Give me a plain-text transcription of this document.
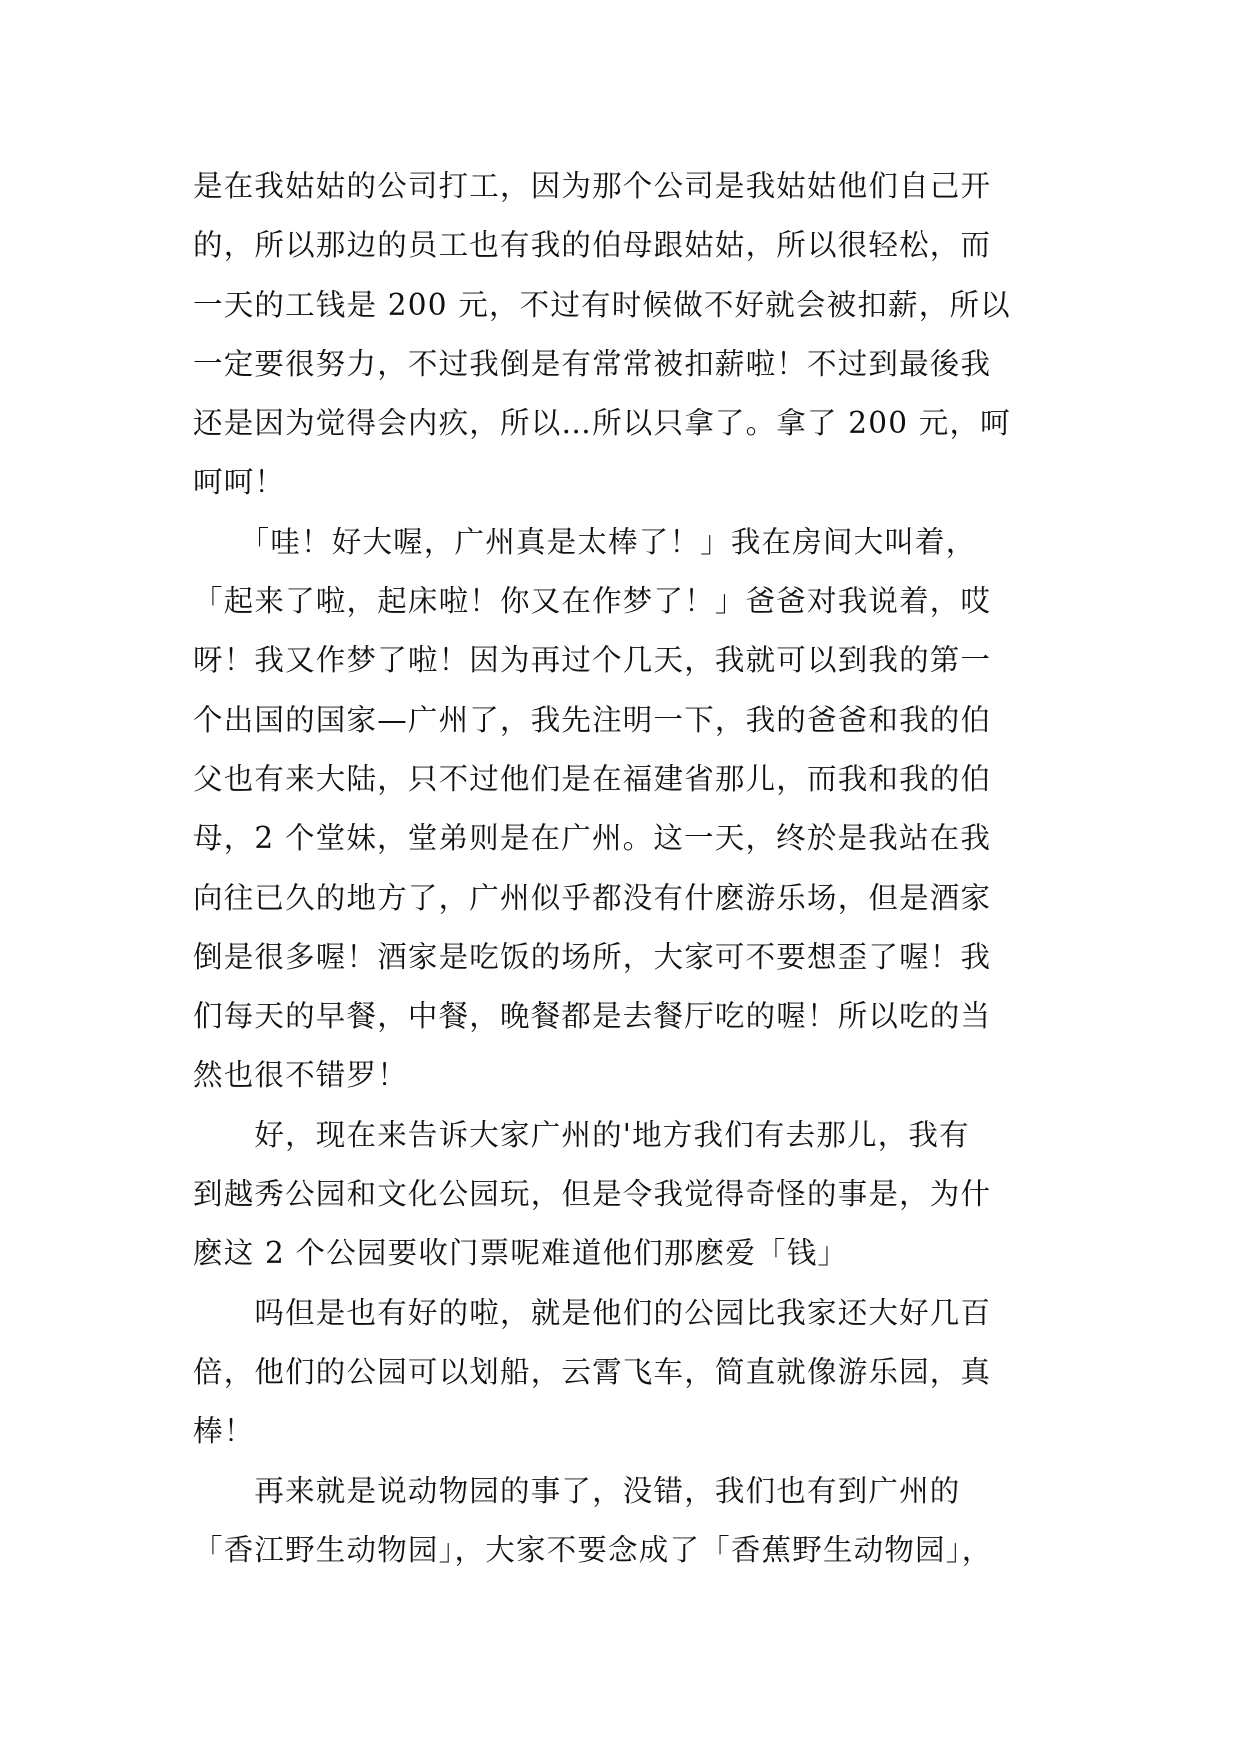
是在我姑姑的公司打工，因为那个公司是我姑姑他们自己开
的，所以那边的员工也有我的伯母跟姑姑，所以很轻松，而
一天的工钱是 200 元，不过有时候做不好就会被扣薪，所以
一定要很努力，不过我倒是有常常被扣薪啦！不过到最後我
还是因为觉得会内疚，所以…所以只拿了。拿了 200 元，呵
呵呵！
　　「哇！好大喔，广州真是太棒了！」我在房间大叫着，
「起来了啦，起床啦！你又在作梦了！」爸爸对我说着，哎
呀！我又作梦了啦！因为再过个几天，我就可以到我的第一
个出国的国家—广州了，我先注明一下，我的爸爸和我的伯
父也有来大陆，只不过他们是在福建省那儿，而我和我的伯
母，2 个堂妹，堂弟则是在广州。这一天，终於是我站在我
向往已久的地方了，广州似乎都没有什麽游乐场，但是酒家
倒是很多喔！酒家是吃饭的场所，大家可不要想歪了喔！我
们每天的早餐，中餐，晚餐都是去餐厅吃的喔！所以吃的当
然也很不错罗！
　　好，现在来告诉大家广州的'地方我们有去那儿，我有
到越秀公园和文化公园玩，但是令我觉得奇怪的事是，为什
麽这 2 个公园要收门票呢难道他们那麽爱「钱」
　　吗但是也有好的啦，就是他们的公园比我家还大好几百
倍，他们的公园可以划船，云霄飞车，简直就像游乐园，真
棒！
　　再来就是说动物园的事了，没错，我们也有到广州的
「香江野生动物园」，大家不要念成了「香蕉野生动物园」，
